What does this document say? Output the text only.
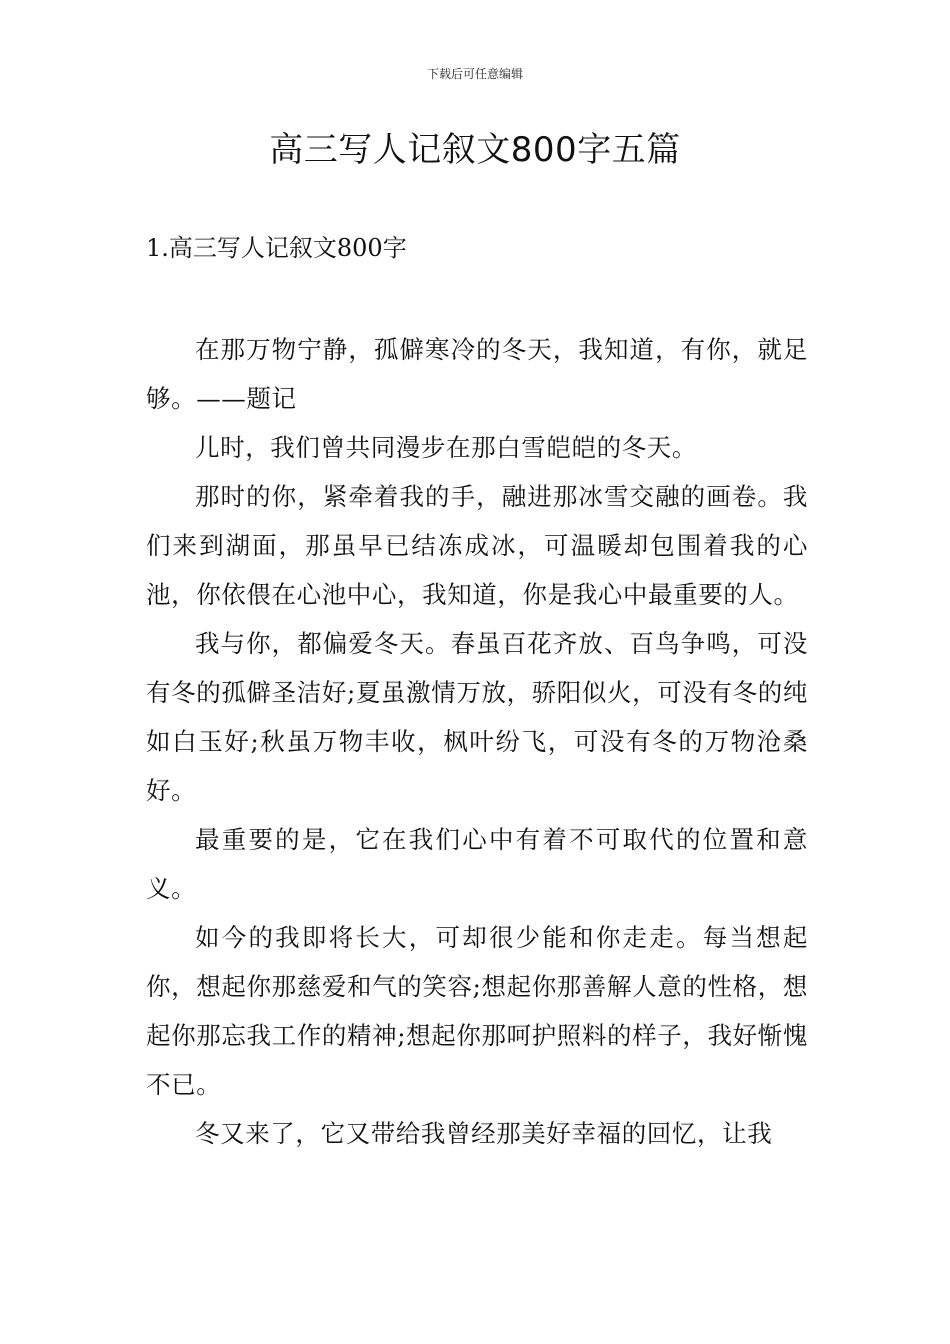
下载后可任意编辑
高三写人记叙文800字五篇
1.高三写人记叙文800字

在那万物宁静，孤僻寒冷的冬天，我知道，有你，就足够。——题记

儿时，我们曾共同漫步在那白雪皑皑的冬天。

那时的你，紧牵着我的手，融进那冰雪交融的画卷。我们来到湖面，那虽早已结冻成冰，可温暖却包围着我的心池，你依偎在心池中心，我知道，你是我心中最重要的人。

我与你，都偏爱冬天。春虽百花齐放、百鸟争鸣，可没有冬的孤僻圣洁好;夏虽激情万放，骄阳似火，可没有冬的纯如白玉好;秋虽万物丰收，枫叶纷飞，可没有冬的万物沧桑好。

最重要的是，它在我们心中有着不可取代的位置和意义。

如今的我即将长大，可却很少能和你走走。每当想起你，想起你那慈爱和气的笑容;想起你那善解人意的性格，想起你那忘我工作的精神;想起你那呵护照料的样子，我好惭愧不已。

冬又来了，它又带给我曾经那美好幸福的回忆，让我
